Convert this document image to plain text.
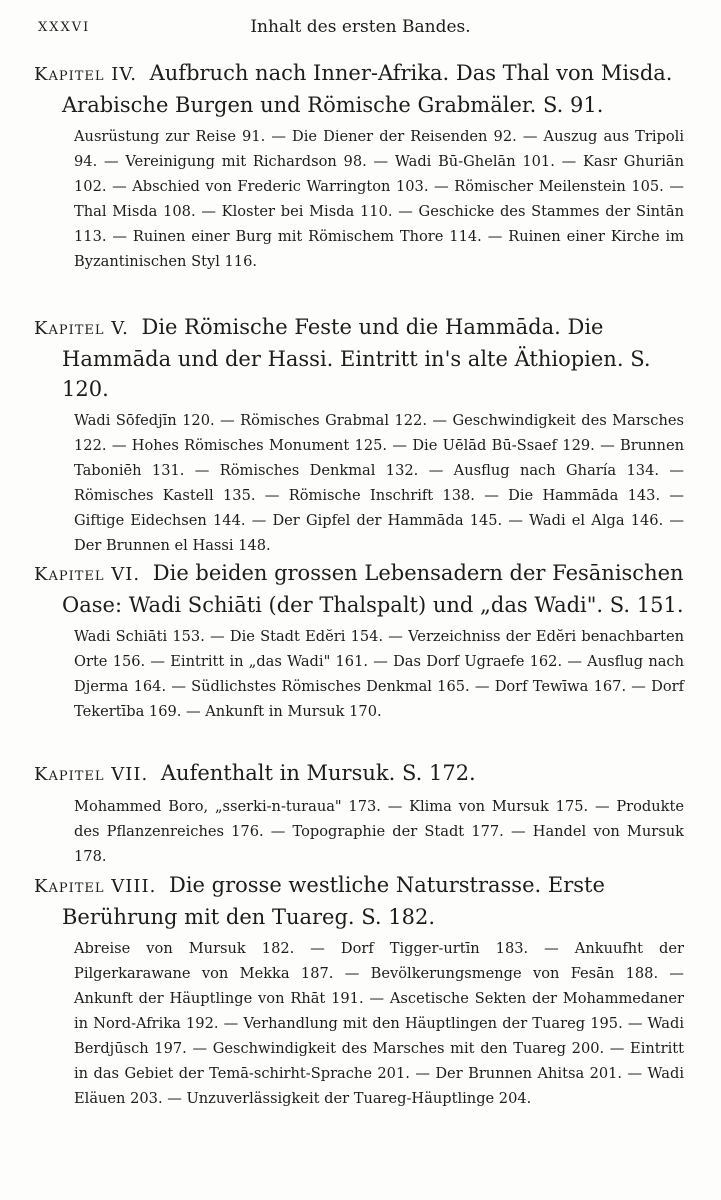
XXXVI	Inhalt des ersten Bandes.

Kapitel IV. Aufbruch nach Inner-Afrika. Das Thal von Misda. Arabische Burgen und Römische Grabmäler. S. 91.

Ausrüstung zur Reise 91. — Die Diener der Reisenden 92. — Auszug aus Tripoli 94. — Vereinigung mit Richardson 98. — Wadi Bū-Ghelān 101. — Kasr Ghuriān 102. — Abschied von Frederic Warrington 103. — Römischer Meilenstein 105. — Thal Misda 108. — Kloster bei Misda 110. — Geschicke des Stammes der Sintān 113. — Ruinen einer Burg mit Römischem Thore 114. — Ruinen einer Kirche im Byzantinischen Styl 116.

Kapitel V. Die Römische Feste und die Hammāda. Die Hammāda und der Hassi. Eintritt in's alte Äthiopien. S. 120.

Wadi Sōfedjīn 120. — Römisches Grabmal 122. — Geschwindigkeit des Marsches 122. — Hohes Römisches Monument 125. — Die Uēlād Bū-Ssaef 129. — Brunnen Taboniēh 131. — Römisches Denkmal 132. — Ausflug nach Gharía 134. — Römisches Kastell 135. — Römische Inschrift 138. — Die Hammāda 143. — Giftige Eidechsen 144. — Der Gipfel der Hammāda 145. — Wadi el Alga 146. — Der Brunnen el Hassi 148.

Kapitel VI. Die beiden grossen Lebensadern der Fesānischen Oase: Wadi Schiāti (der Thalspalt) und „das Wadi". S. 151.

Wadi Schiāti 153. — Die Stadt Edĕri 154. — Verzeichniss der Edĕri benachbarten Orte 156. — Eintritt in „das Wadi" 161. — Das Dorf Ugraefe 162. — Ausflug nach Djerma 164. — Südlichstes Römisches Denkmal 165. — Dorf Tewīwa 167. — Dorf Tekertība 169. — Ankunft in Mursuk 170.

Kapitel VII. Aufenthalt in Mursuk. S. 172.

Mohammed Boro, „sserki-n-turaua" 173. — Klima von Mursuk 175. — Produkte des Pflanzenreiches 176. — Topographie der Stadt 177. — Handel von Mursuk 178.

Kapitel VIII. Die grosse westliche Naturstrasse. Erste Berührung mit den Tuareg. S. 182.

Abreise von Mursuk 182. — Dorf Tigger-urtīn 183. — Ankuufht der Pilgerkarawane von Mekka 187. — Bevölkerungsmenge von Fesān 188. — Ankunft der Häuptlinge von Rhāt 191. — Ascetische Sekten der Mohammedaner in Nord-Afrika 192. — Verhandlung mit den Häuptlingen der Tuareg 195. — Wadi Berdjūsch 197. — Geschwindigkeit des Marsches mit den Tuareg 200. — Eintritt in das Gebiet der Temā-schirht-Sprache 201. — Der Brunnen Ahitsa 201. — Wadi Eläuen 203. — Unzuverlässigkeit der Tuareg-Häuptlinge 204.
